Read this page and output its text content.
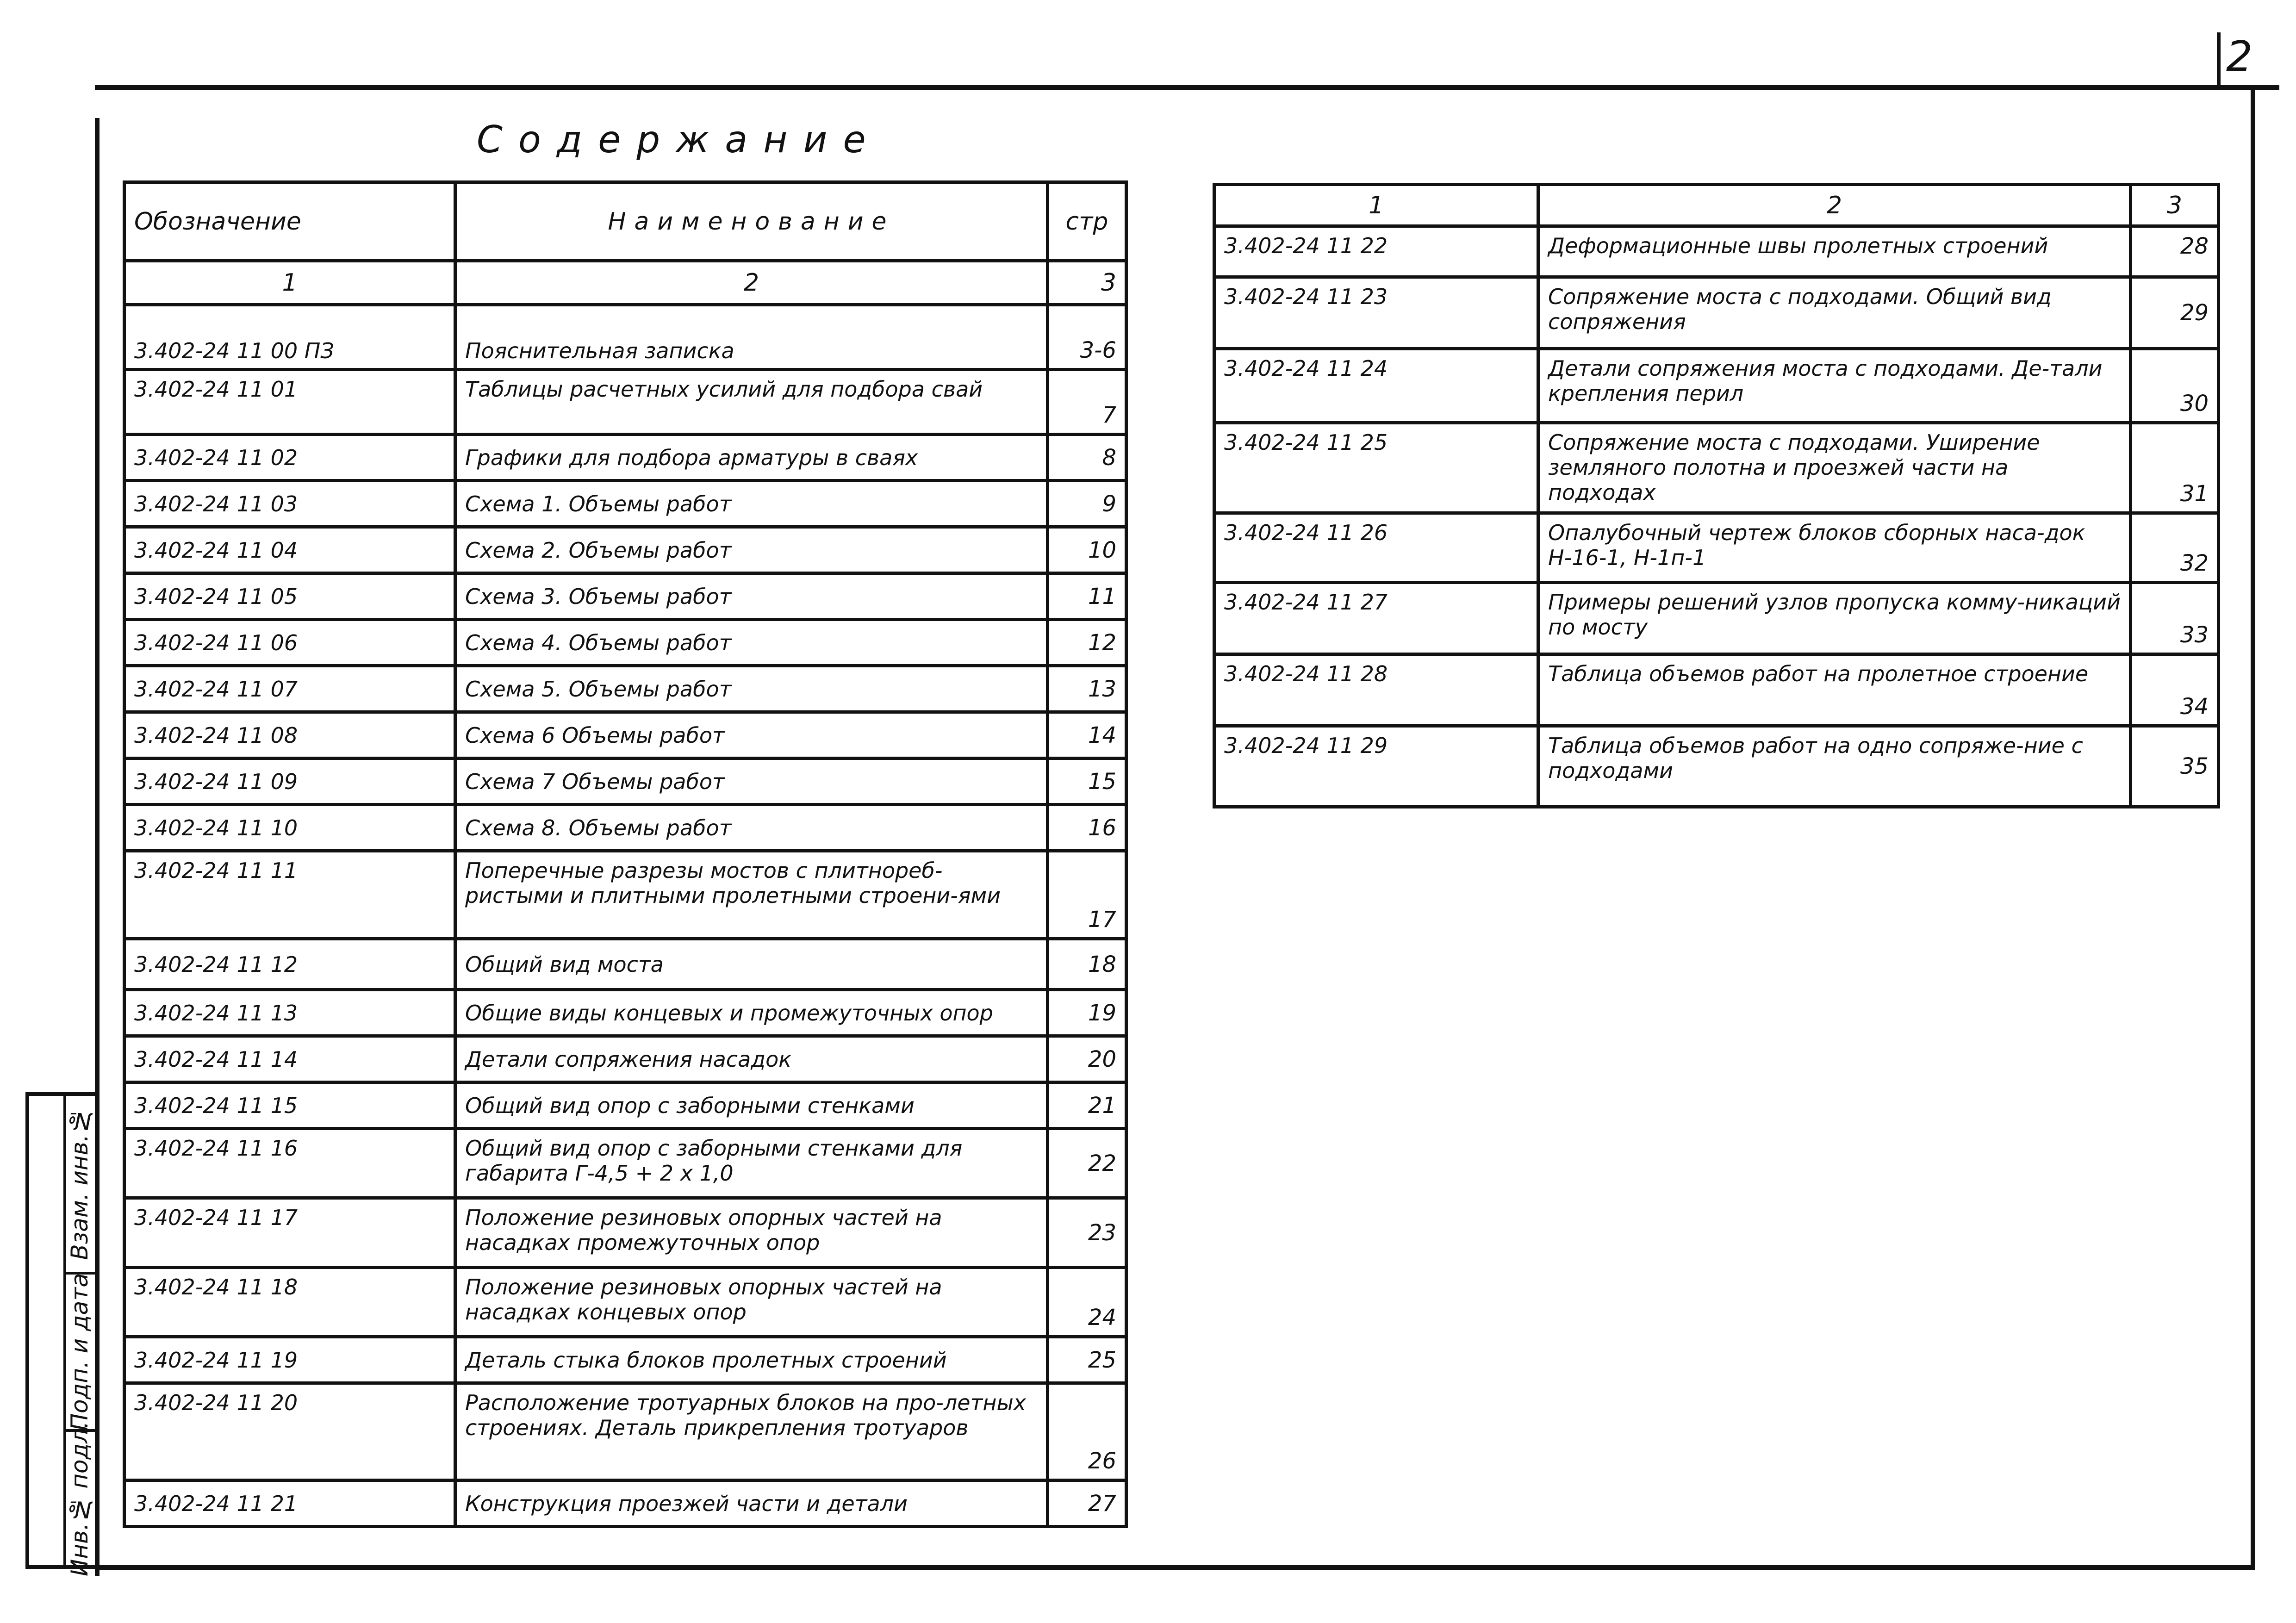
2
Содержание
Взам. инв.№
Подп. и дата
Инв.№ подл.
Обозначение	Наименование	стр
1	2	3
3.402-24 11 00 ПЗ	Пояснительная записка	3-6
3.402-24 11 01	Таблицы расчетных усилий для подбора свай	7
3.402-24 11 02	Графики для подбора арматуры в сваях	8
3.402-24 11 03	Схема 1. Объемы работ	9
3.402-24 11 04	Схема 2. Объемы работ	10
3.402-24 11 05	Схема 3. Объемы работ	11
3.402-24 11 06	Схема 4. Объемы работ	12
3.402-24 11 07	Схема 5. Объемы работ	13
3.402-24 11 08	Схема 6 Объемы работ	14
3.402-24 11 09	Схема 7 Объемы работ	15
3.402-24 11 10	Схема 8. Объемы работ	16
3.402-24 11 11	Поперечные разрезы мостов с плитнореб-ристыми и плитными пролетными строени-ями	17
3.402-24 11 12	Общий вид моста	18
3.402-24 11 13	Общие виды концевых и промежуточных опор	19
3.402-24 11 14	Детали сопряжения насадок	20
3.402-24 11 15	Общий вид опор с заборными стенками	21
3.402-24 11 16	Общий вид опор с заборными стенками для габарита Г-4,5 + 2 х 1,0	22
3.402-24 11 17	Положение резиновых опорных частей на насадках промежуточных опор	23
3.402-24 11 18	Положение резиновых опорных частей на насадках концевых опор	24
3.402-24 11 19	Деталь стыка блоков пролетных строений	25
3.402-24 11 20	Расположение тротуарных блоков на про-летных строениях. Деталь прикрепления тротуаров	26
3.402-24 11 21	Конструкция проезжей части и детали	27
1	2	3
3.402-24 11 22	Деформационные швы пролетных строений	28
3.402-24 11 23	Сопряжение моста с подходами. Общий вид сопряжения	29
3.402-24 11 24	Детали сопряжения моста с подходами. Де-тали крепления перил	30
3.402-24 11 25	Сопряжение моста с подходами. Уширение земляного полотна и проезжей части на подходах	31
3.402-24 11 26	Опалубочный чертеж блоков сборных наса-док Н-16-1, Н-1п-1	32
3.402-24 11 27	Примеры решений узлов пропуска комму-никаций по мосту	33
3.402-24 11 28	Таблица объемов работ на пролетное строение	34
3.402-24 11 29	Таблица объемов работ на одно сопряже-ние с подходами	35
